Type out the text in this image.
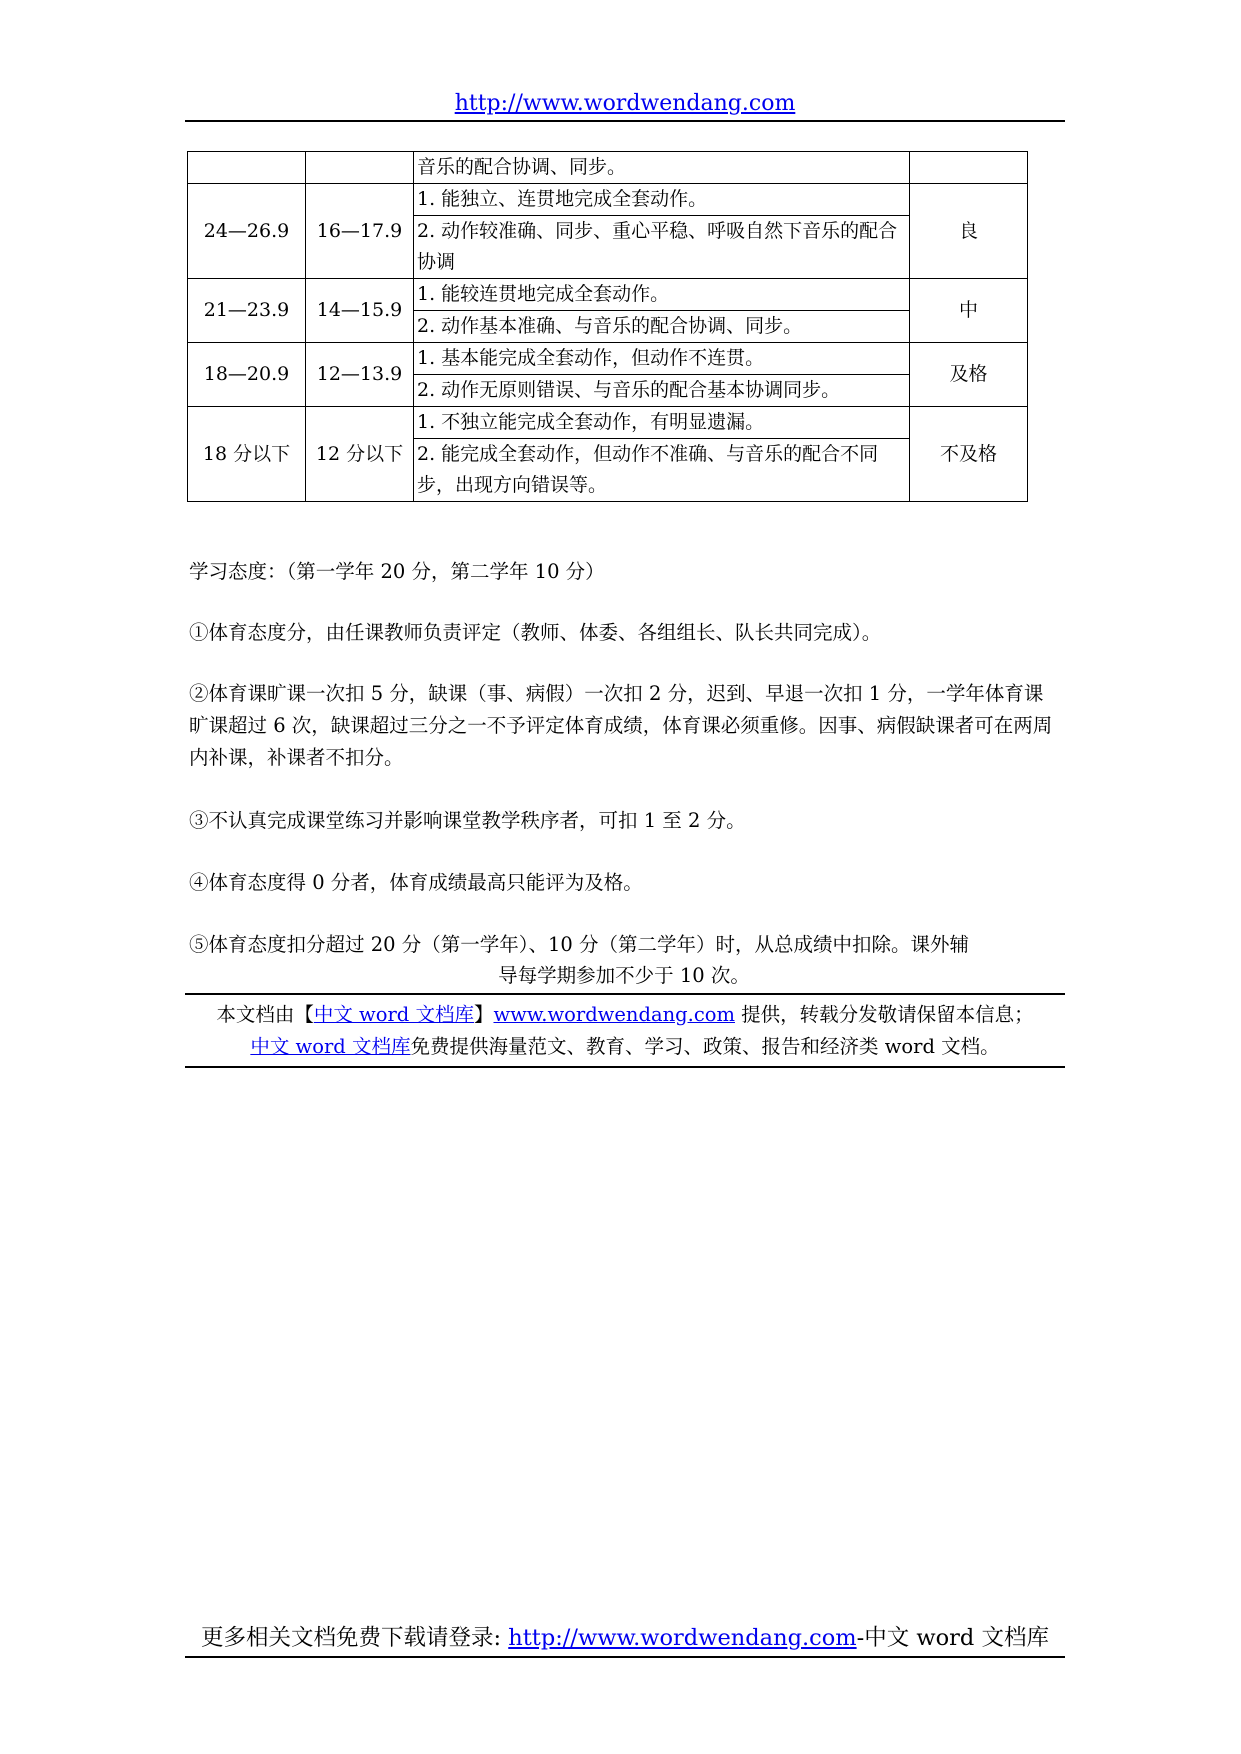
http://www.wordwendang.com
		音乐的配合协调、同步。	
24—26.9	16—17.9	1. 能独立、连贯地完成全套动作。
2. 动作较准确、同步、重心平稳、呼吸自然下音乐的配合协调	良
21—23.9	14—15.9	1. 能较连贯地完成全套动作。
2. 动作基本准确、与音乐的配合协调、同步。	中
18—20.9	12—13.9	1. 基本能完成全套动作，但动作不连贯。
2. 动作无原则错误、与音乐的配合基本协调同步。	及格
18 分以下	12 分以下	1. 不独立能完成全套动作，有明显遗漏。
2. 能完成全套动作，但动作不准确、与音乐的配合不同步，出现方向错误等。	不及格
学习态度：（第一学年 20 分，第二学年 10 分）
①体育态度分，由任课教师负责评定（教师、体委、各组组长、队长共同完成）。
②体育课旷课一次扣 5 分，缺课（事、病假）一次扣 2 分，迟到、早退一次扣 1 分，一学年体育课旷课超过 6 次，缺课超过三分之一不予评定体育成绩，体育课必须重修。因事、病假缺课者可在两周内补课，补课者不扣分。
③不认真完成课堂练习并影响课堂教学秩序者，可扣 1 至 2 分。
④体育态度得 0 分者，体育成绩最高只能评为及格。
⑤体育态度扣分超过 20 分（第一学年）、10 分（第二学年）时，从总成绩中扣除。课外辅
导每学期参加不少于 10 次。
本文档由【中文 word 文档库】www.wordwendang.com 提供，转载分发敬请保留本信息；
中文 word 文档库免费提供海量范文、教育、学习、政策、报告和经济类 word 文档。
更多相关文档免费下载请登录: http://www.wordwendang.com-中文 word 文档库
